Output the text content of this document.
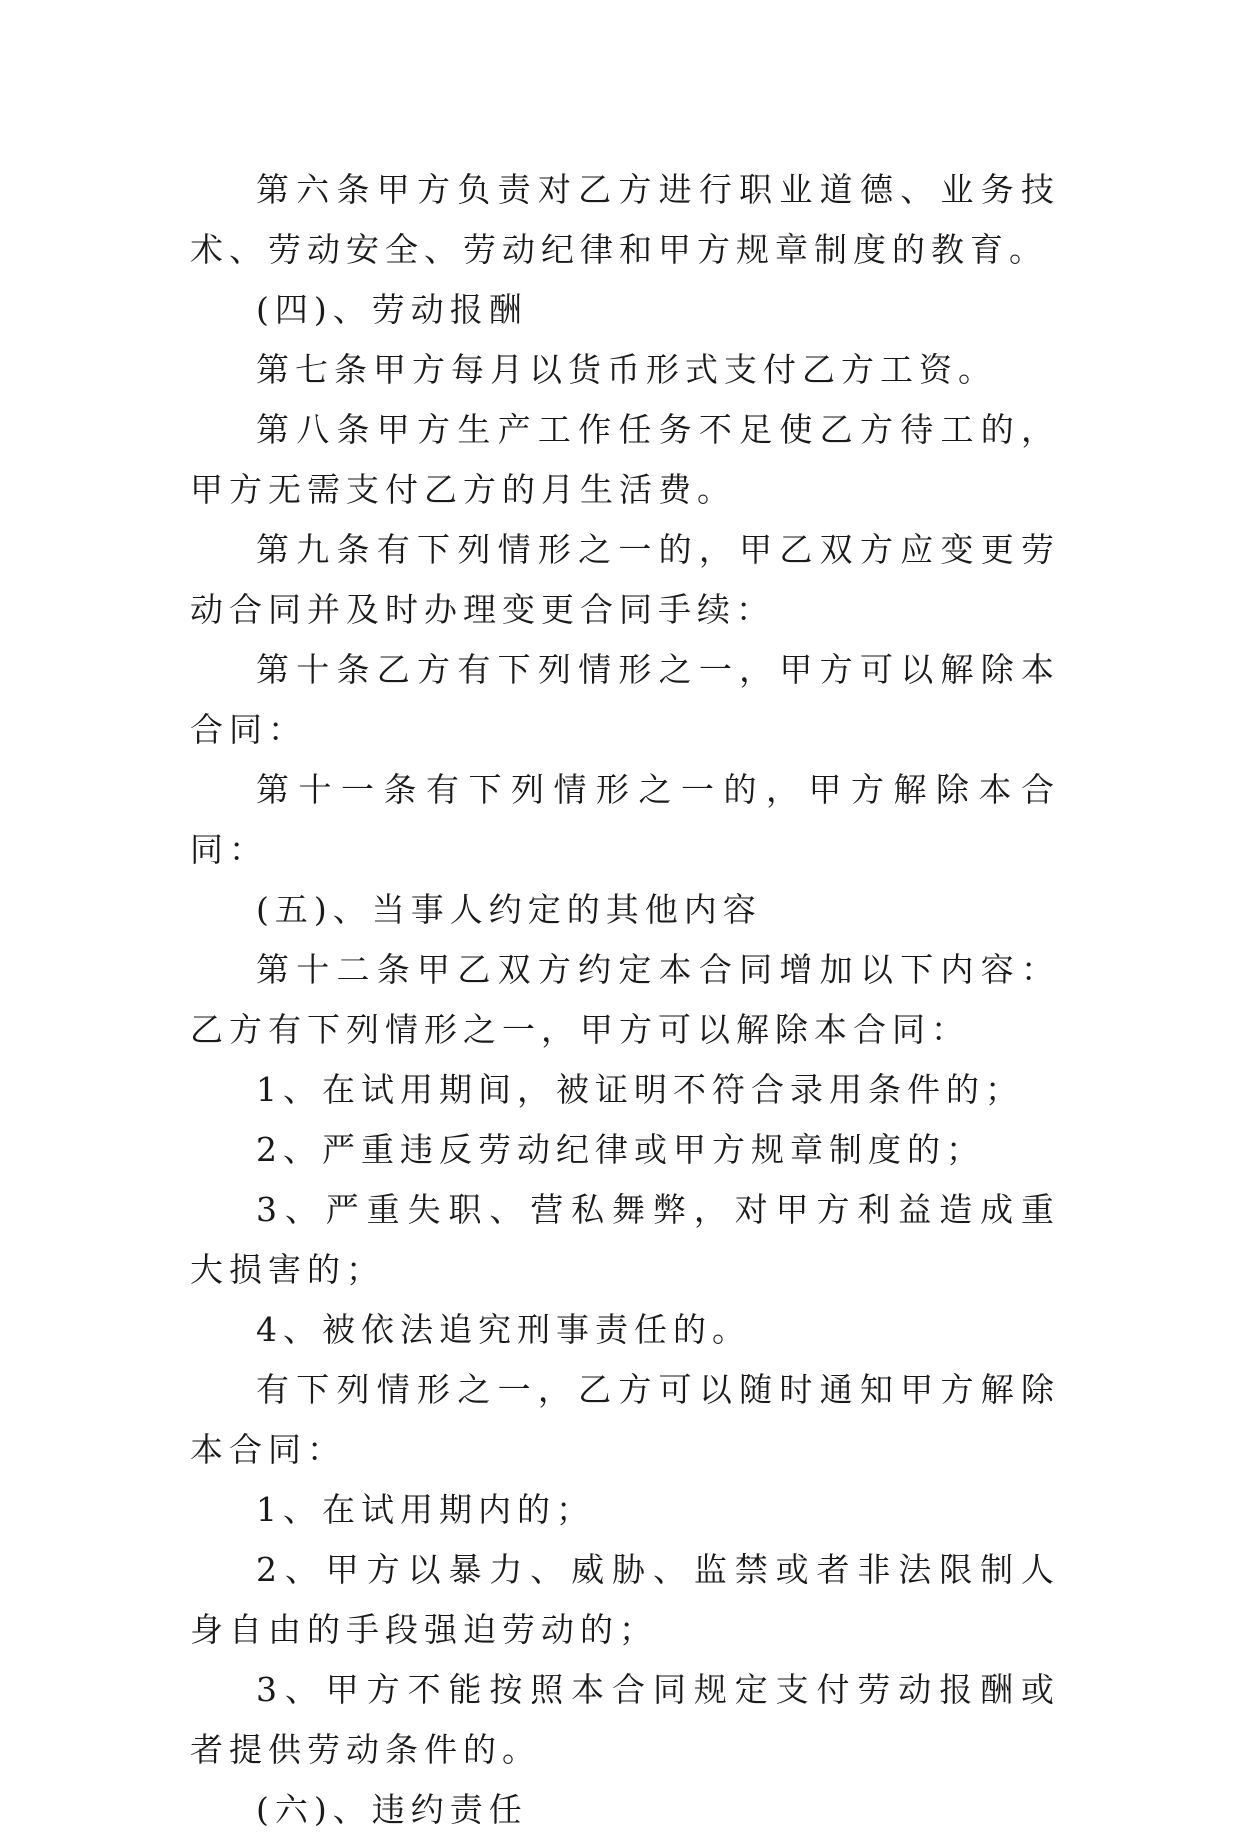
第六条甲方负责对乙方进行职业道德、业务技术、劳动安全、劳动纪律和甲方规章制度的教育。

(四)、劳动报酬

第七条甲方每月以货币形式支付乙方工资。

第八条甲方生产工作任务不足使乙方待工的，甲方无需支付乙方的月生活费。

第九条有下列情形之一的，甲乙双方应变更劳动合同并及时办理变更合同手续：

第十条乙方有下列情形之一，甲方可以解除本合同：

第十一条有下列情形之一的，甲方解除本合同：

(五)、当事人约定的其他内容

第十二条甲乙双方约定本合同增加以下内容：乙方有下列情形之一，甲方可以解除本合同：

1、在试用期间，被证明不符合录用条件的；

2、严重违反劳动纪律或甲方规章制度的；

3、严重失职、营私舞弊，对甲方利益造成重大损害的；

4、被依法追究刑事责任的。

有下列情形之一，乙方可以随时通知甲方解除本合同：

1、在试用期内的；

2、甲方以暴力、威胁、监禁或者非法限制人身自由的手段强迫劳动的；

3、甲方不能按照本合同规定支付劳动报酬或者提供劳动条件的。

(六)、违约责任
